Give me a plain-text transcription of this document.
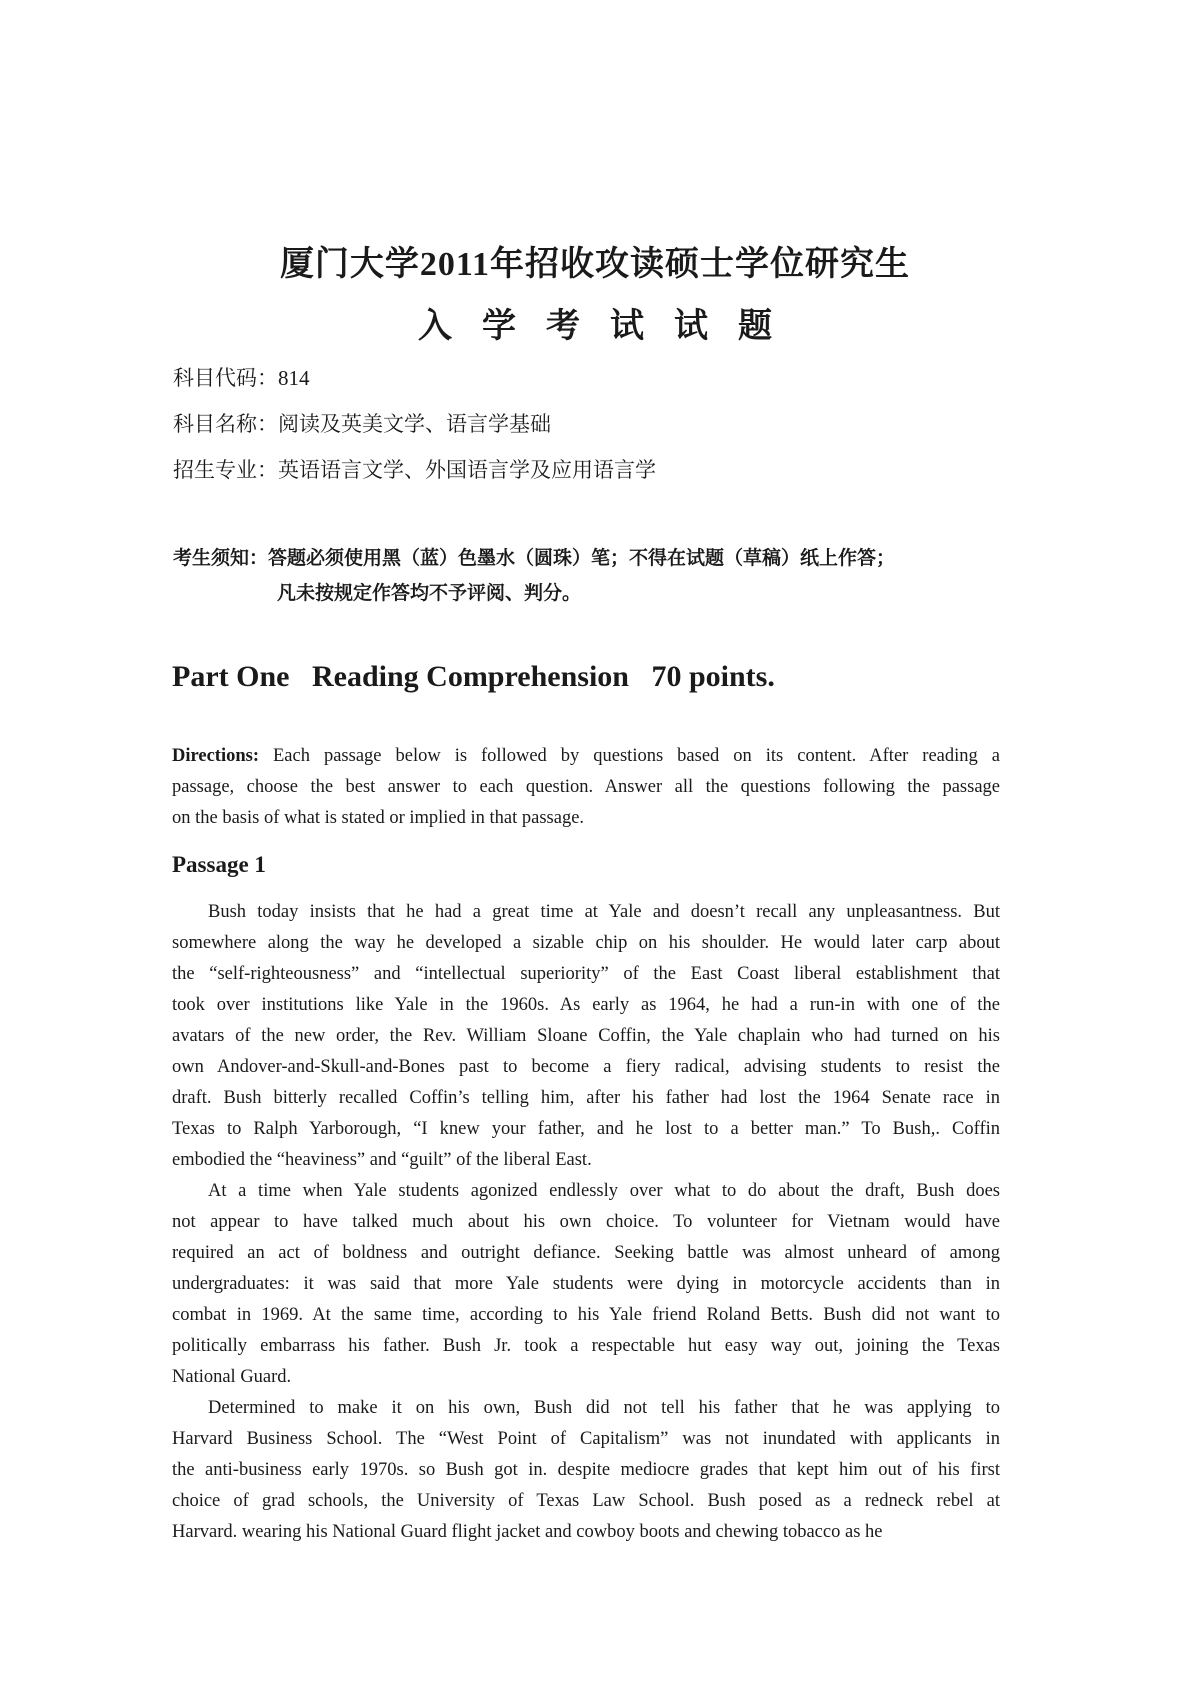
厦门大学2011年招收攻读硕士学位研究生
入学考试试题
科目代码：814
科目名称：阅读及英美文学、语言学基础
招生专业：英语语言文学、外国语言学及应用语言学
考生须知：答题必须使用黑（蓝）色墨水（圆珠）笔；不得在试题（草稿）纸上作答；
凡未按规定作答均不予评阅、判分。
Part One   Reading Comprehension   70 points.
Directions: Each passage below is followed by questions based on its content. After reading a
passage, choose the best answer to each question. Answer all the questions following the passage
on the basis of what is stated or implied in that passage.
Passage 1
Bush today insists that he had a great time at Yale and doesn’t recall any unpleasantness. But
somewhere along the way he developed a sizable chip on his shoulder. He would later carp about
the “self-righteousness” and “intellectual superiority” of the East Coast liberal establishment that
took over institutions like Yale in the 1960s. As early as 1964, he had a run-in with one of the
avatars of the new order, the Rev. William Sloane Coffin, the Yale chaplain who had turned on his
own Andover-and-Skull-and-Bones past to become a fiery radical, advising students to resist the
draft. Bush bitterly recalled Coffin’s telling him, after his father had lost the 1964 Senate race in
Texas to Ralph Yarborough, “I knew your father, and he lost to a better man.” To Bush,. Coffin
embodied the “heaviness” and “guilt” of the liberal East.
At a time when Yale students agonized endlessly over what to do about the draft, Bush does
not appear to have talked much about his own choice. To volunteer for Vietnam would have
required an act of boldness and outright defiance. Seeking battle was almost unheard of among
undergraduates: it was said that more Yale students were dying in motorcycle accidents than in
combat in 1969. At the same time, according to his Yale friend Roland Betts. Bush did not want to
politically embarrass his father. Bush Jr. took a respectable hut easy way out, joining the Texas
National Guard.
Determined to make it on his own, Bush did not tell his father that he was applying to
Harvard Business School. The “West Point of Capitalism” was not inundated with applicants in
the anti-business early 1970s. so Bush got in. despite mediocre grades that kept him out of his first
choice of grad schools, the University of Texas Law School. Bush posed as a redneck rebel at
Harvard. wearing his National Guard flight jacket and cowboy boots and chewing tobacco as he
